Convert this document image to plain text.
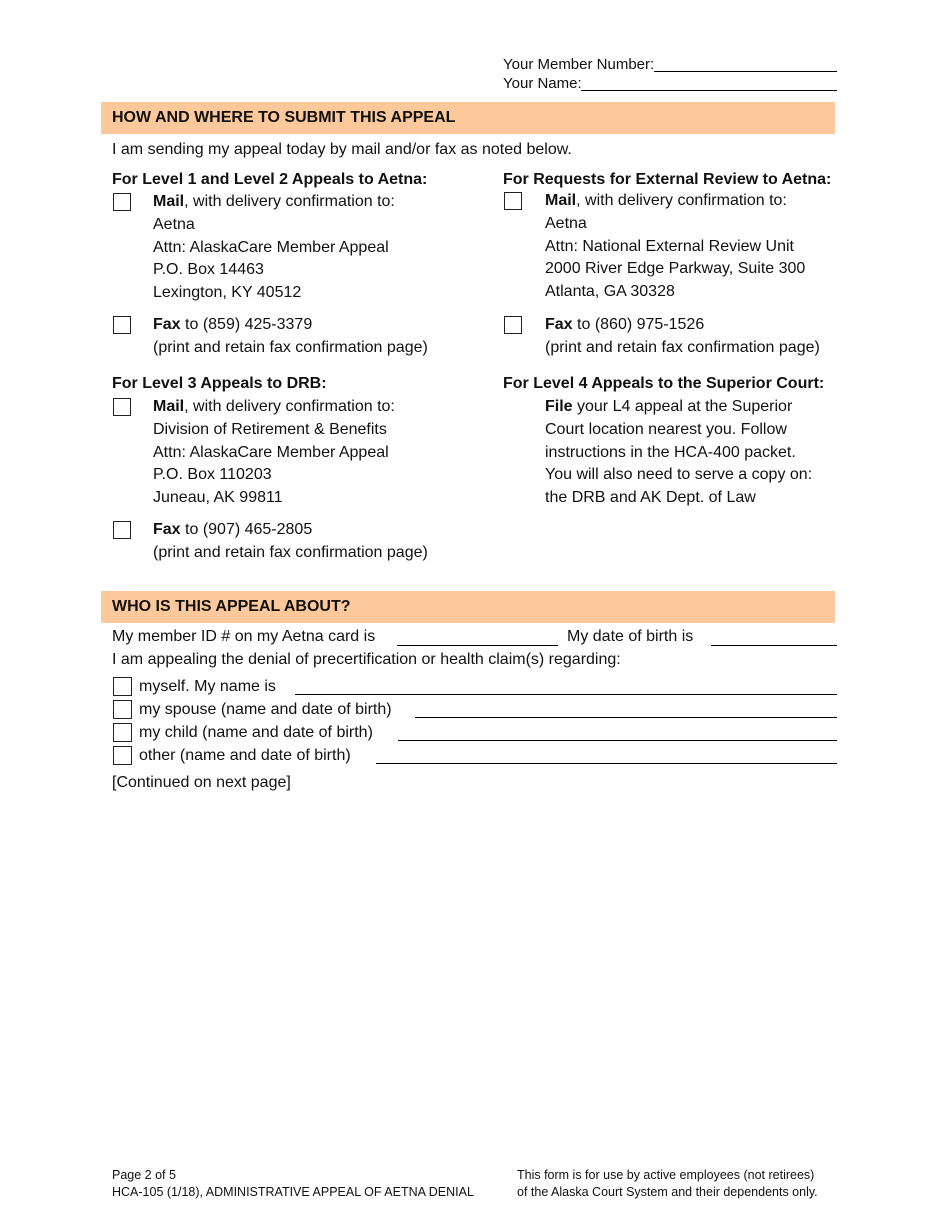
Your Member Number:
Your Name:
HOW AND WHERE TO SUBMIT THIS APPEAL
I am sending my appeal today by mail and/or fax as noted below.
For Level 1 and Level 2 Appeals to Aetna:
Mail, with delivery confirmation to:
Aetna
Attn: AlaskaCare Member Appeal
P.O. Box 14463
Lexington, KY 40512
Fax to (859) 425-3379
(print and retain fax confirmation page)
For Requests for External Review to Aetna:
Mail, with delivery confirmation to:
Aetna
Attn: National External Review Unit
2000 River Edge Parkway, Suite 300
Atlanta, GA 30328
Fax to (860) 975-1526
(print and retain fax confirmation page)
For Level 3 Appeals to DRB:
Mail, with delivery confirmation to:
Division of Retirement & Benefits
Attn: AlaskaCare Member Appeal
P.O. Box 110203
Juneau, AK 99811
Fax to (907) 465-2805
(print and retain fax confirmation page)
For Level 4 Appeals to the Superior Court:
File your L4 appeal at the Superior
Court location nearest you. Follow
instructions in the HCA-400 packet.
You will also need to serve a copy on:
the DRB and AK Dept. of Law
WHO IS THIS APPEAL ABOUT?
My member ID # on my Aetna card is	My date of birth is
I am appealing the denial of precertification or health claim(s) regarding:
myself. My name is
my spouse (name and date of birth)
my child (name and date of birth)
other (name and date of birth)
[Continued on next page]
Page 2 of 5
HCA-105 (1/18), ADMINISTRATIVE APPEAL OF AETNA DENIAL
This form is for use by active employees (not retirees)
of the Alaska Court System and their dependents only.
